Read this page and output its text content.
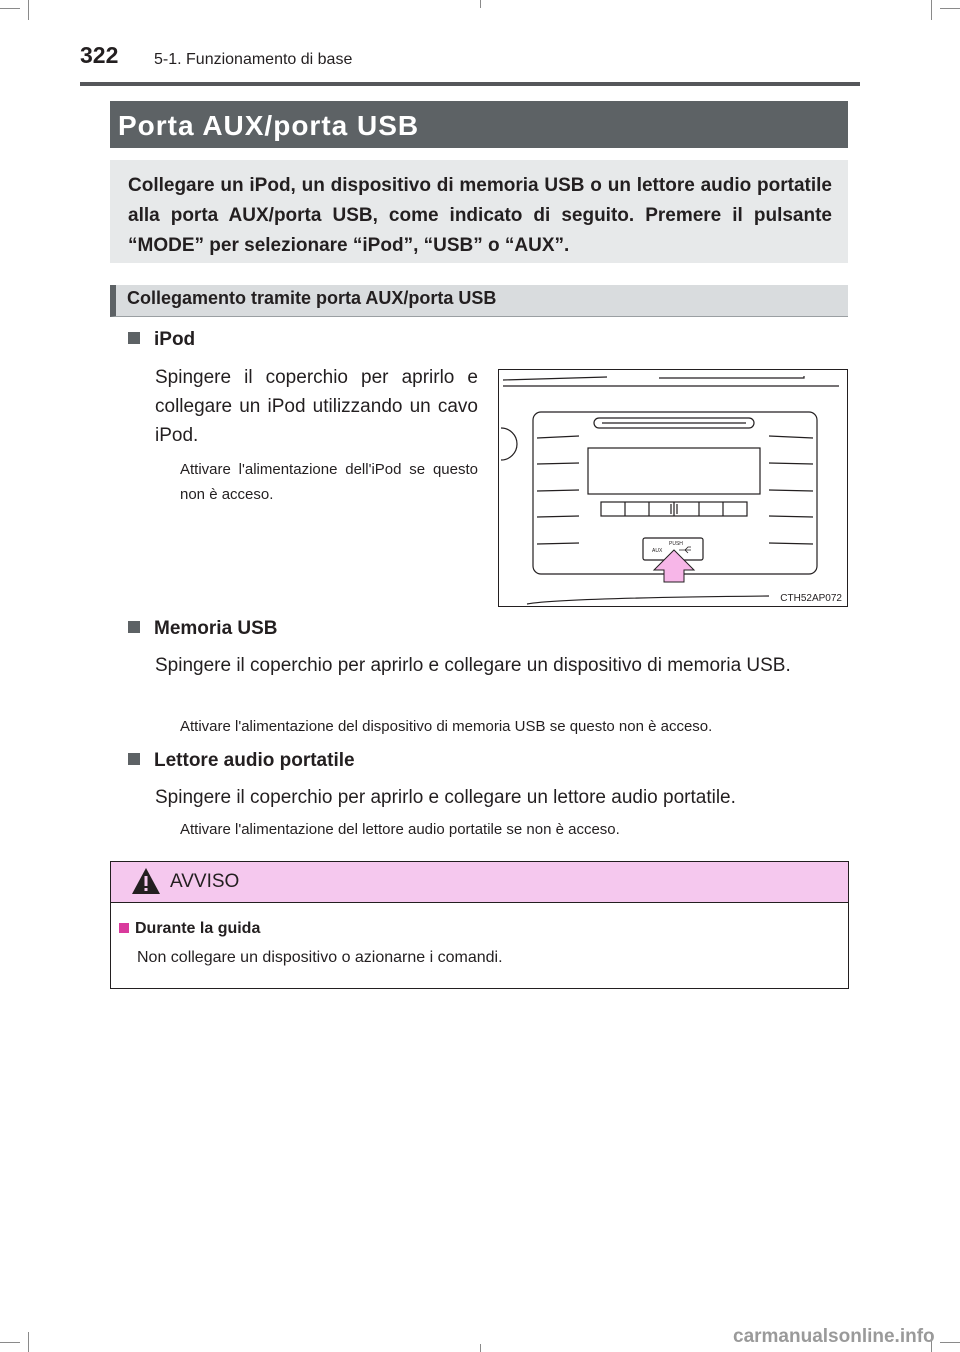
322 5-1. Funzionamento di base
Porta AUX/porta USB
Collegare un iPod, un dispositivo di memoria USB o un lettore audio portatile alla porta AUX/porta USB, come indicato di seguito. Premere il pulsante “MODE” per selezionare “iPod”, “USB” o “AUX”.
Collegamento tramite porta AUX/porta USB
iPod
Spingere il coperchio per aprirlo e collegare un iPod utilizzando un cavo iPod.
Attivare l'alimentazione dell'iPod se questo non è acceso.
PUSH
AUX
CTH52AP072
Memoria USB
Spingere il coperchio per aprirlo e collegare un dispositivo di memoria USB.
Attivare l'alimentazione del dispositivo di memoria USB se questo non è acceso.
Lettore audio portatile
Spingere il coperchio per aprirlo e collegare un lettore audio portatile.
Attivare l'alimentazione del lettore audio portatile se non è acceso.
AVVISO
Durante la guida
Non collegare un dispositivo o azionarne i comandi.
carmanualsonline.info
